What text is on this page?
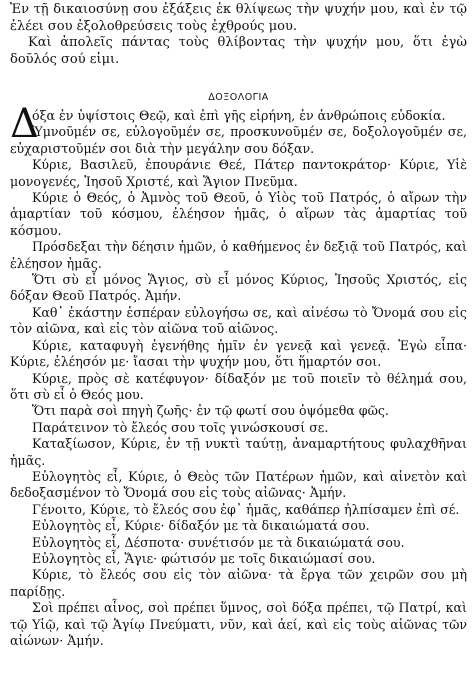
Ἐν τῇ δικαιοσύνῃ σου ἐξάξεις ἐκ θλίψεως τὴν ψυχήν μου, καὶ ἐν τῷ ἐλέει σου ἐξολοθρεύσεις τοὺς ἐχθρούς μου.

Καὶ ἀπολεῖς πάντας τοὺς θλίβοντας τὴν ψυχήν μου, ὅτι ἐγὼ δοῦλός σού εἰμι.

ΔΟΞΟΛΟΓΙΑ

Δ
όξα ἐν ὑψίστοις Θεῷ, καὶ ἐπὶ γῆς εἰρήνη, ἐν ἀνθρώποις εὐδοκία.

Ὑμνοῦμέν σε, εὐλογοῦμέν σε, προσκυνοῦμέν σε, δοξολογοῦμέν σε, εὐχαριστοῦμέν σοι διὰ τὴν μεγάλην σου δόξαν.

Κύριε, Βασιλεῦ, ἐπουράνιε Θεέ, Πάτερ παντοκράτορ· Κύριε, Υἱὲ μονογενές, Ἰησοῦ Χριστέ, καὶ Ἅγιον Πνεῦμα.

Κύριε ὁ Θεός, ὁ Ἀμνὸς τοῦ Θεοῦ, ὁ Υἱὸς τοῦ Πατρός, ὁ αἴρων τὴν ἁμαρτίαν τοῦ κόσμου, ἐλέησον ἡμᾶς, ὁ αἴρων τὰς ἁμαρτίας τοῦ κόσμου.

Πρόσδεξαι τὴν δέησιν ἡμῶν, ὁ καθήμενος ἐν δεξιᾷ τοῦ Πατρός, καὶ ἐλέησον ἡμᾶς.

Ὅτι σὺ εἶ μόνος Ἅγιος, σὺ εἶ μόνος Κύριος, Ἰησοῦς Χριστός, εἰς δόξαν Θεοῦ Πατρός. Ἀμήν.

Καθ᾽ ἑκάστην ἑσπέραν εὐλογήσω σε, καὶ αἰνέσω τὸ Ὄνομά σου εἰς τὸν αἰῶνα, καὶ εἰς τὸν αἰῶνα τοῦ αἰῶνος.

Κύριε, καταφυγὴ ἐγενήθης ἡμῖν ἐν γενεᾷ καὶ γενεᾷ. Ἐγὼ εἶπα· Κύριε, ἐλέησόν με· ἴασαι τὴν ψυχήν μου, ὅτι ἥμαρτόν σοι.

Κύριε, πρὸς σὲ κατέφυγον· δίδαξόν με τοῦ ποιεῖν τὸ θέλημά σου, ὅτι σὺ εἶ ὁ Θεός μου.

Ὅτι παρὰ σοὶ πηγὴ ζωῆς· ἐν τῷ φωτί σου ὀψόμεθα φῶς.

Παράτεινον τὸ ἔλεός σου τοῖς γινώσκουσί σε.

Καταξίωσον, Κύριε, ἐν τῇ νυκτὶ ταύτῃ, ἀναμαρτήτους φυλαχθῆναι ἡμᾶς.

Εὐλογητὸς εἶ, Κύριε, ὁ Θεὸς τῶν Πατέρων ἡμῶν, καὶ αἰνετὸν καὶ δεδοξασμένον τὸ Ὄνομά σου εἰς τοὺς αἰῶνας· Ἀμήν.

Γένοιτο, Κύριε, τὸ ἔλεός σου ἐφ᾽ ἡμᾶς, καθάπερ ἠλπίσαμεν ἐπὶ σέ.

Εὐλογητὸς εἶ, Κύριε· δίδαξόν με τὰ δικαιώματά σου.

Εὐλογητὸς εἶ, Δέσποτα· συνέτισόν με τὰ δικαιώματά σου.

Εὐλογητὸς εἶ, Ἅγιε· φώτισόν με τοῖς δικαιώμασί σου.

Κύριε, τὸ ἔλεός σου εἰς τὸν αἰῶνα· τὰ ἔργα τῶν χειρῶν σου μὴ παρίδῃς.

Σοὶ πρέπει αἶνος, σοὶ πρέπει ὕμνος, σοὶ δόξα πρέπει, τῷ Πατρί, καὶ τῷ Υἱῷ, καὶ τῷ Ἁγίῳ Πνεύματι, νῦν, καὶ ἀεί, καὶ εἰς τοὺς αἰῶνας τῶν αἰώνων· Ἀμήν.
